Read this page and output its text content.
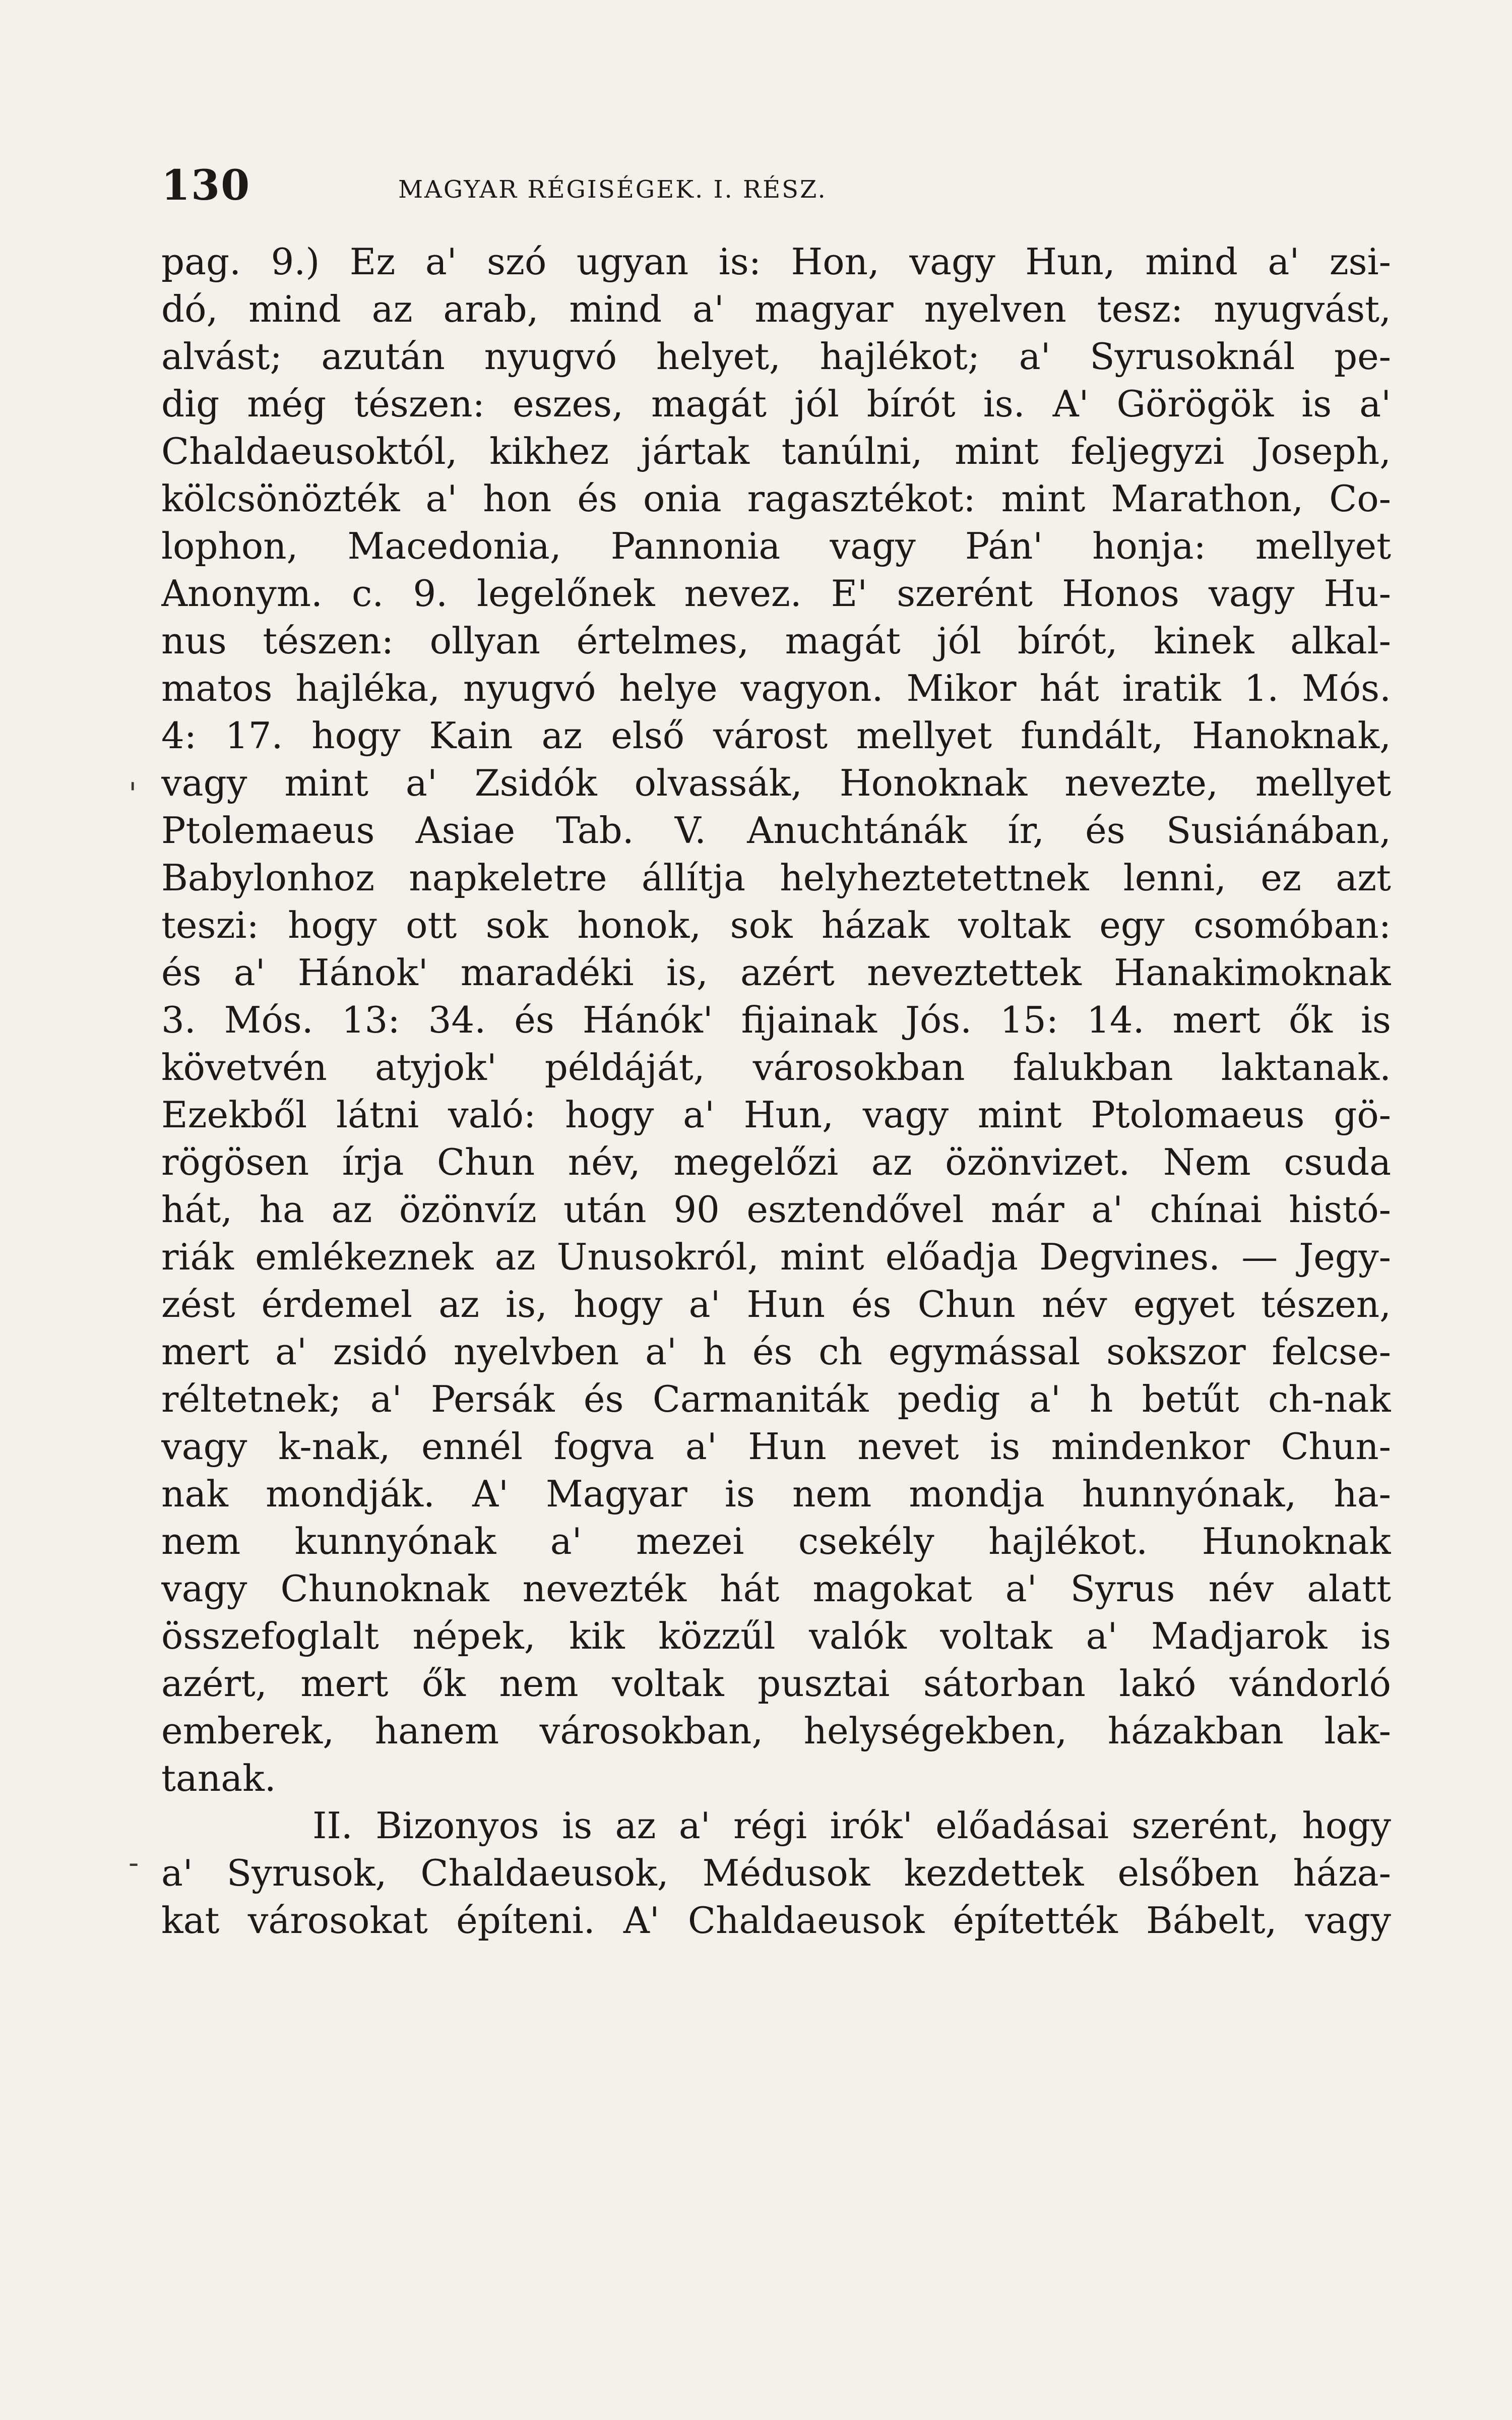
130	MAGYAR RÉGISÉGEK. I. RÉSZ.
'
-
pag. 9.) Ez a' szó ugyan is: Hon, vagy Hun, mind a' zsi-
dó, mind az arab, mind a' magyar nyelven tesz: nyugvást,
alvást; azután nyugvó helyet, hajlékot; a' Syrusoknál pe-
dig még tészen: eszes, magát jól bírót is. A' Görögök is a'
Chaldaeusoktól, kikhez jártak tanúlni, mint feljegyzi Joseph,
kölcsönözték a' hon és onia ragasztékot: mint Marathon, Co-
lophon, Macedonia, Pannonia vagy Pán' honja: mellyet
Anonym. c. 9. legelőnek nevez. E' szerént Honos vagy Hu-
nus tészen: ollyan értelmes, magát jól bírót, kinek alkal-
matos hajléka, nyugvó helye vagyon. Mikor hát iratik 1. Mós.
4: 17. hogy Kain az első várost mellyet fundált, Hanoknak,
vagy mint a' Zsidók olvassák, Honoknak nevezte, mellyet
Ptolemaeus Asiae Tab. V. Anuchtánák ír, és Susiánában,
Babylonhoz napkeletre állítja helyheztetettnek lenni, ez azt
teszi: hogy ott sok honok, sok házak voltak egy csomóban:
és a' Hánok' maradéki is, azért neveztettek Hanakimoknak
3. Mós. 13: 34. és Hánók' fijainak Jós. 15: 14. mert ők is
követvén atyjok' példáját, városokban falukban laktanak.
Ezekből látni való: hogy a' Hun, vagy mint Ptolomaeus gö-
rögösen írja Chun név, megelőzi az özönvizet. Nem csuda
hát, ha az özönvíz után 90 esztendővel már a' chínai histó-
riák emlékeznek az Unusokról, mint előadja Degvines. — Jegy-
zést érdemel az is, hogy a' Hun és Chun név egyet tészen,
mert a' zsidó nyelvben a' h és ch egymással sokszor felcse-
réltetnek; a' Persák és Carmaniták pedig a' h betűt ch-nak
vagy k-nak, ennél fogva a' Hun nevet is mindenkor Chun-
nak mondják. A' Magyar is nem mondja hunnyónak, ha-
nem kunnyónak a' mezei csekély hajlékot. Hunoknak
vagy Chunoknak nevezték hát magokat a' Syrus név alatt
összefoglalt népek, kik közzűl valók voltak a' Madjarok is
azért, mert ők nem voltak pusztai sátorban lakó vándorló
emberek, hanem városokban, helységekben, házakban lak-
tanak.
II. Bizonyos is az a' régi irók' előadásai szerént, hogy
a' Syrusok, Chaldaeusok, Médusok kezdettek elsőben háza-
kat városokat építeni. A' Chaldaeusok építették Bábelt, vagy
